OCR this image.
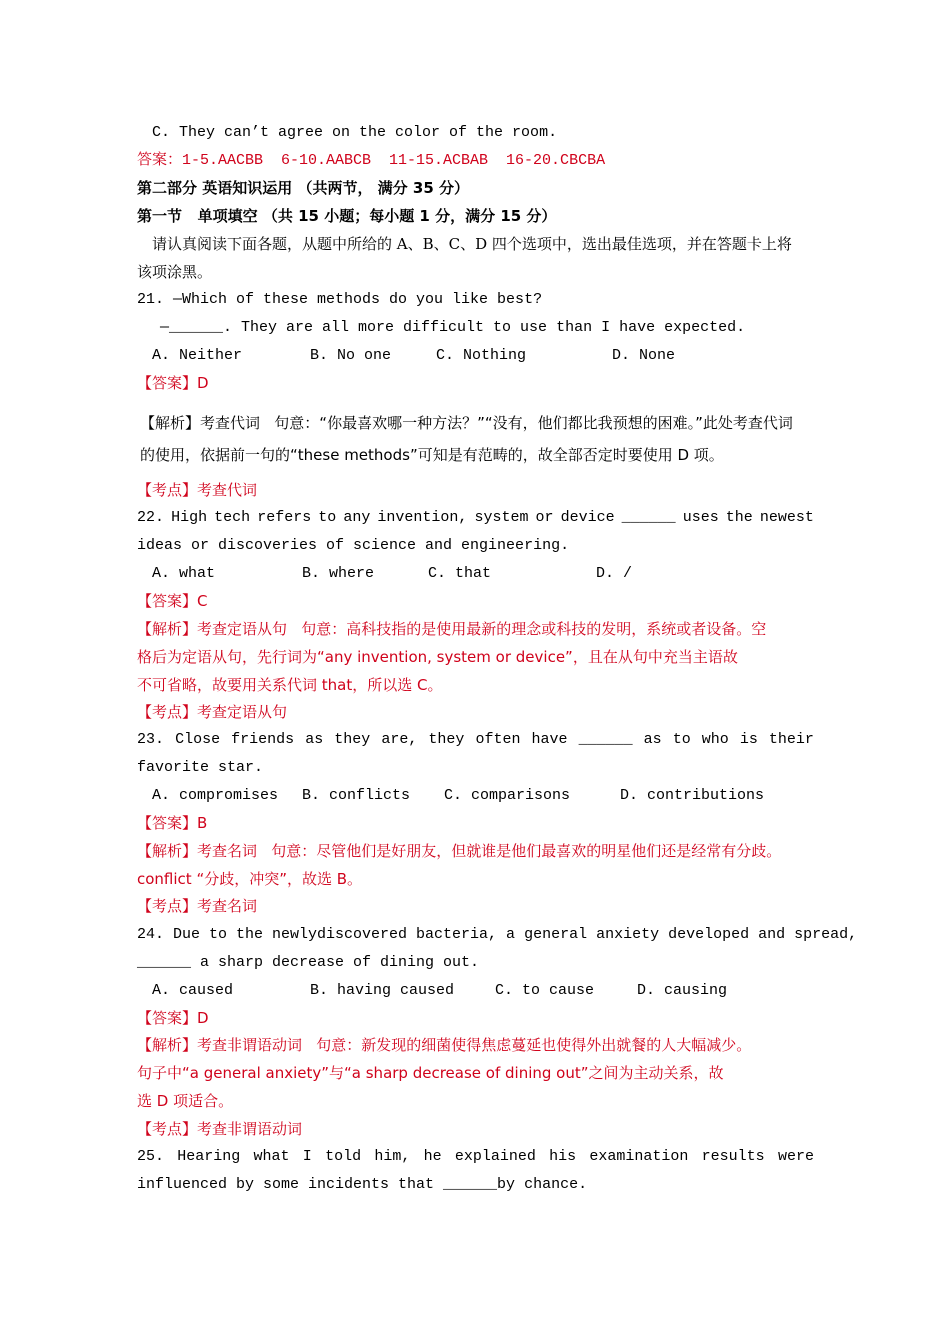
C. They can’t agree on the color of the room.
答案：1-5.AACBB  6-10.AABCB  11-15.ACBAB  16-20.CBCBA
第二部分 英语知识运用 （共两节， 满分 35 分）
第一节   单项填空 （共 15 小题；每小题 1 分，满分 15 分）
请认真阅读下面各题，从题中所给的 A、B、C、D 四个选项中，选出最佳选项，并在答题卡上将
该项涂黑。
21. —Which of these methods do you like best?
—______. They are all more difficult to use than I have expected.
A. Neither	B. No one	C. Nothing	D. None
【答案】D
【解析】考查代词   句意：“你最喜欢哪一种方法？”“没有，他们都比我预想的困难。”此处考查代词
的使用，依据前一句的“these methods”可知是有范畴的，故全部否定时要使用 D 项。
【考点】考查代词
22. High tech refers to any invention, system or device ______ uses the newest
ideas or discoveries of science and engineering.
A. what	B. where	C. that	D. /
【答案】C
【解析】考查定语从句   句意：高科技指的是使用最新的理念或科技的发明，系统或者设备。空
格后为定语从句，先行词为“any invention, system or device”，且在从句中充当主语故
不可省略，故要用关系代词 that，所以选 C。
【考点】考查定语从句
23. Close friends as they are, they often have ______ as to who is their
favorite star.
A. compromises B. conflicts C. comparisons	D. contributions
【答案】B
【解析】考查名词   句意：尽管他们是好朋友，但就谁是他们最喜欢的明星他们还是经常有分歧。
conflict “分歧，冲突”，故选 B。
【考点】考查名词
24. Due to the newlydiscovered bacteria, a general anxiety developed and spread,
______ a sharp decrease of dining out.
A. caused	B. having caused	C. to cause	D. causing
【答案】D
【解析】考查非谓语动词   句意：新发现的细菌使得焦虑蔓延也使得外出就餐的人大幅减少。
句子中“a general anxiety”与“a sharp decrease of dining out”之间为主动关系，故
选 D 项适合。
【考点】考查非谓语动词
25. Hearing what I told him, he explained his examination results were
influenced by some incidents that ______by chance.
